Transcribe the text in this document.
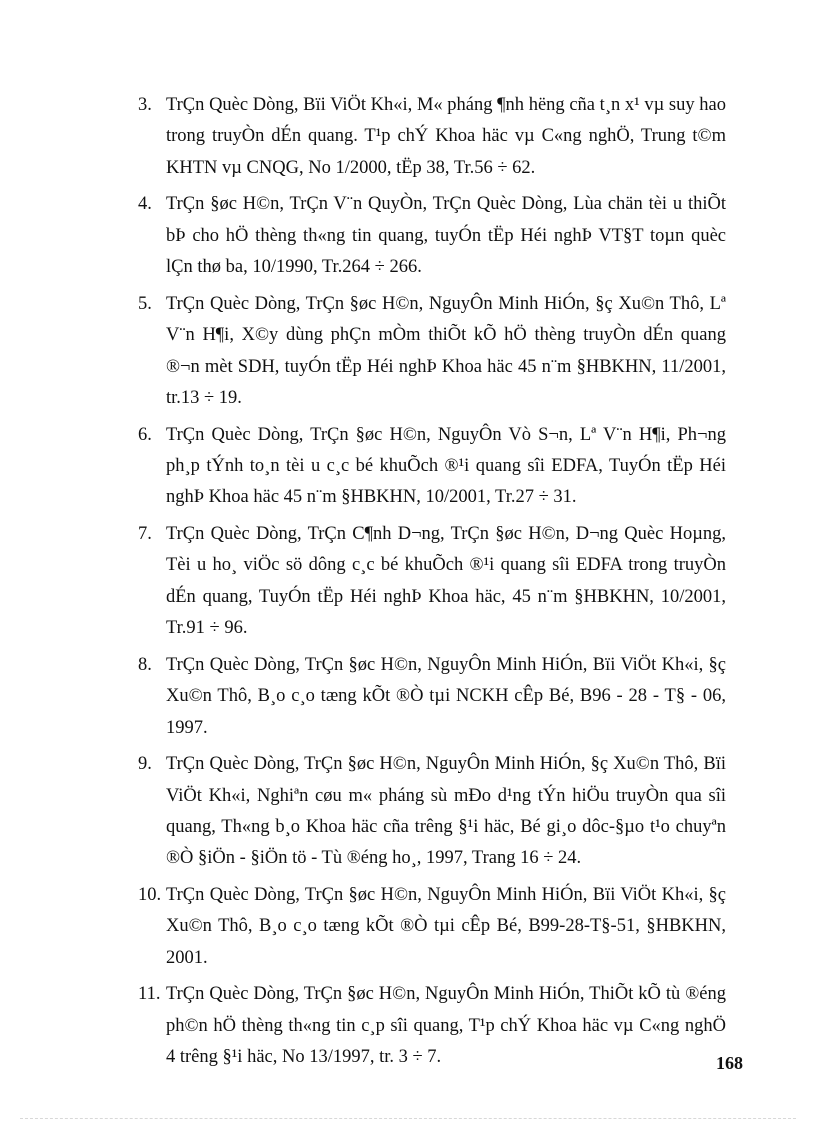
3. TrÇn Quèc Dòng, Bïi ViÖt Kh«i, M« pháng ¶nh hëng cña t¸n x¹ vµ suy hao trong truyÒn dÉn quang. T¹p chÝ Khoa häc vµ C«ng nghÖ, Trung t©m KHTN vµ CNQG, No 1/2000, tËp 38, Tr.56 ÷ 62.
4. TrÇn §øc H©n, TrÇn V¨n QuyÒn, TrÇn Quèc Dòng, Lùa chän tèi u thiÕt bÞ cho hÖ thèng th«ng tin quang, tuyÓn tËp Héi nghÞ VT§T toµn quèc lÇn thø ba, 10/1990, Tr.264 ÷ 266.
5. TrÇn Quèc Dòng, TrÇn §øc H©n, NguyÔn Minh HiÓn, §ç Xu©n Thô, Lª V¨n H¶i, X©y dùng phÇn mÒm thiÕt kÕ hÖ thèng truyÒn dÉn quang ®¬n mèt SDH, tuyÓn tËp Héi nghÞ Khoa häc 45 n¨m §HBKHN, 11/2001, tr.13 ÷ 19.
6. TrÇn Quèc Dòng, TrÇn §øc H©n, NguyÔn Vò S¬n, Lª V¨n H¶i, Ph¬ng ph¸p tÝnh to¸n tèi u c¸c bé khuÕch ®¹i quang sîi EDFA, TuyÓn tËp Héi nghÞ Khoa häc 45 n¨m §HBKHN, 10/2001, Tr.27 ÷ 31.
7. TrÇn Quèc Dòng, TrÇn C¶nh D¬ng, TrÇn §øc H©n, D¬ng Quèc Hoµng, Tèi u ho¸ viÖc sö dông c¸c bé khuÕch ®¹i quang sîi EDFA trong truyÒn dÉn quang, TuyÓn tËp Héi nghÞ Khoa häc, 45 n¨m §HBKHN, 10/2001, Tr.91 ÷ 96.
8. TrÇn Quèc Dòng, TrÇn §øc H©n, NguyÔn Minh HiÓn, Bïi ViÖt Kh«i, §ç Xu©n Thô, B¸o c¸o tæng kÕt ®Ò tµi NCKH cÊp Bé, B96 - 28 - T§ - 06, 1997.
9. TrÇn Quèc Dòng, TrÇn §øc H©n, NguyÔn Minh HiÓn, §ç Xu©n Thô, Bïi ViÖt Kh«i, Nghiªn cøu m« pháng sù mÐo d¹ng tÝn hiÖu truyÒn qua sîi quang, Th«ng b¸o Khoa häc cña trêng §¹i häc, Bé gi¸o dôc-§µo t¹o chuyªn ®Ò §iÖn - §iÖn tö - Tù ®éng ho¸, 1997, Trang 16 ÷ 24.
10. TrÇn Quèc Dòng, TrÇn §øc H©n, NguyÔn Minh HiÓn, Bïi ViÖt Kh«i, §ç Xu©n Thô, B¸o c¸o tæng kÕt ®Ò tµi cÊp Bé, B99-28-T§-51, §HBKHN, 2001.
11. TrÇn Quèc Dòng, TrÇn §øc H©n, NguyÔn Minh HiÓn, ThiÕt kÕ tù ®éng ph©n hÖ thèng th«ng tin c¸p sîi quang, T¹p chÝ Khoa häc vµ C«ng nghÖ 4 trêng §¹i häc, No 13/1997, tr. 3 ÷ 7.	168
